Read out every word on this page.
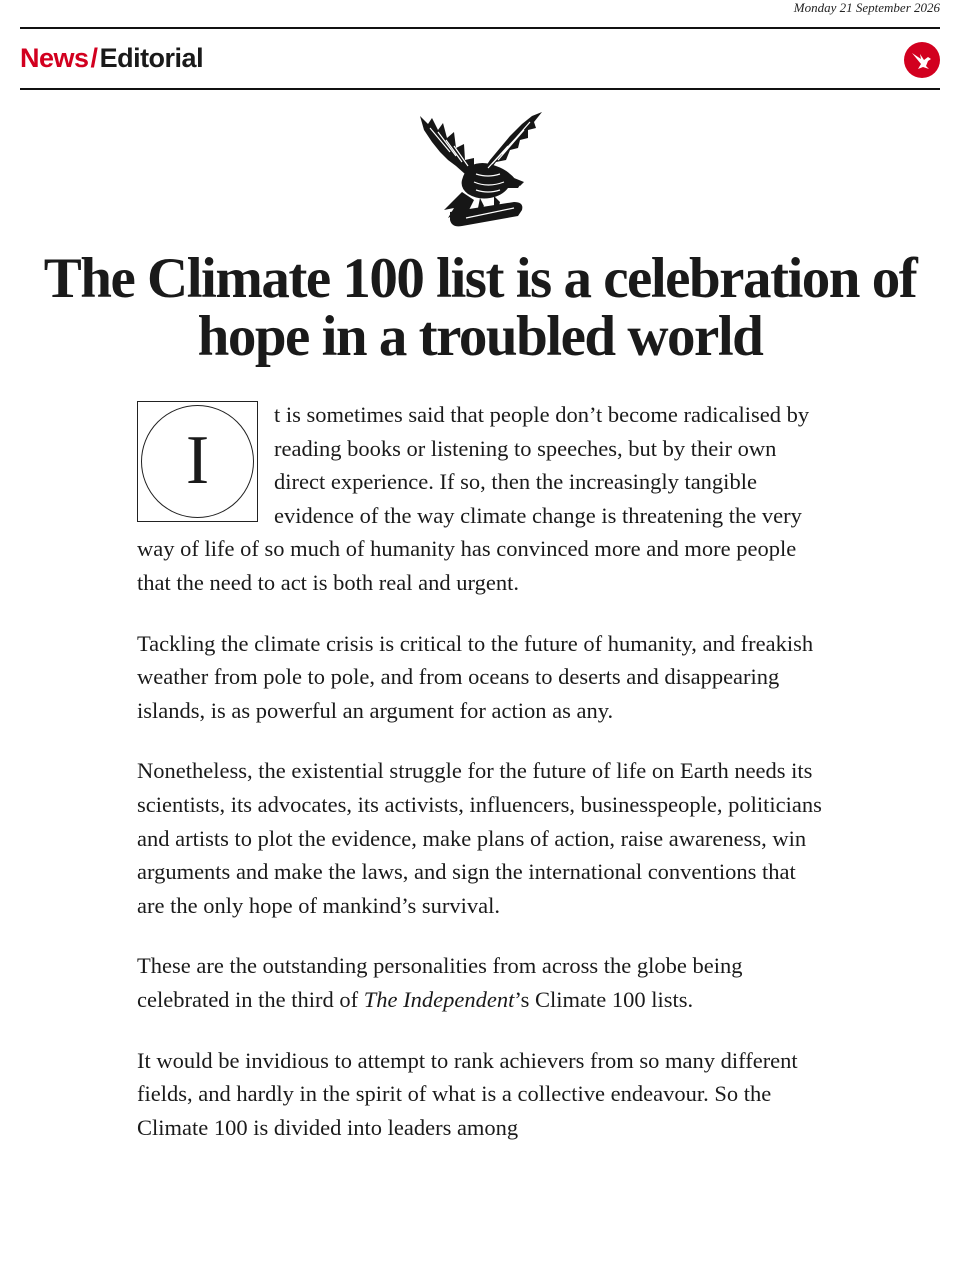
Monday 21 September 2026
News/Editorial
The Climate 100 list is a celebration of hope in a troubled world

I
t is sometimes said that people don’t become radicalised by reading books or listening to speeches, but by their own direct experience. If so, then the increasingly tangible evidence of the way climate change is threatening the very way of life of so much of humanity has convinced more and more people that the need to act is both real and urgent.

Tackling the climate crisis is critical to the future of humanity, and freakish weather from pole to pole, and from oceans to deserts and disappearing islands, is as powerful an argument for action as any.

Nonetheless, the existential struggle for the future of life on Earth needs its scientists, its advocates, its activists, influencers, businesspeople, politicians and artists to plot the evidence, make plans of action, raise awareness, win arguments and make the laws, and sign the international conventions that are the only hope of mankind’s survival.

These are the outstanding personalities from across the globe being celebrated in the third of The Independent’s Climate 100 lists.

It would be invidious to attempt to rank achievers from so many different fields, and hardly in the spirit of what is a collective endeavour. So the Climate 100 is divided into leaders among
